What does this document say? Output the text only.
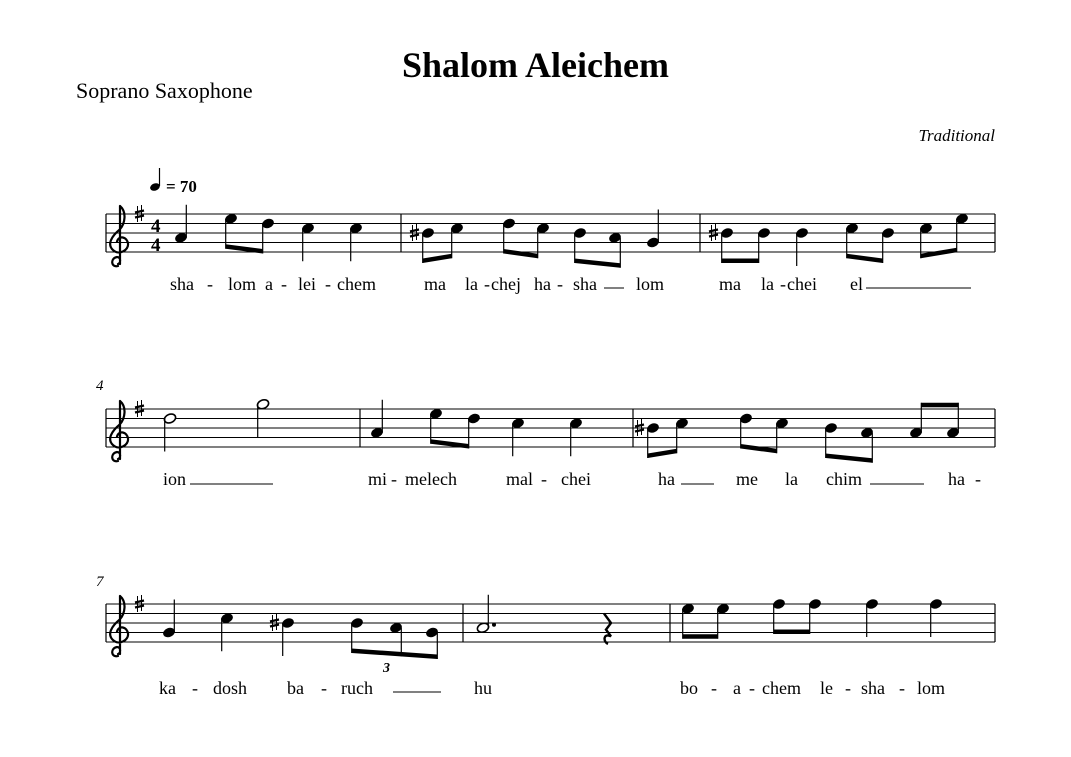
Shalom Aleichem
Soprano Saxophone
Traditional
= 70
4
7
4
4
3
sha - lom a - lei - chem	ma la - chej ha - sha lom	ma la - chei el
ion	mi - melech	mal - chei	ha	me la chim	ha -
ka - dosh ba - ruch	hu	bo - a - chem le - sha - lom
